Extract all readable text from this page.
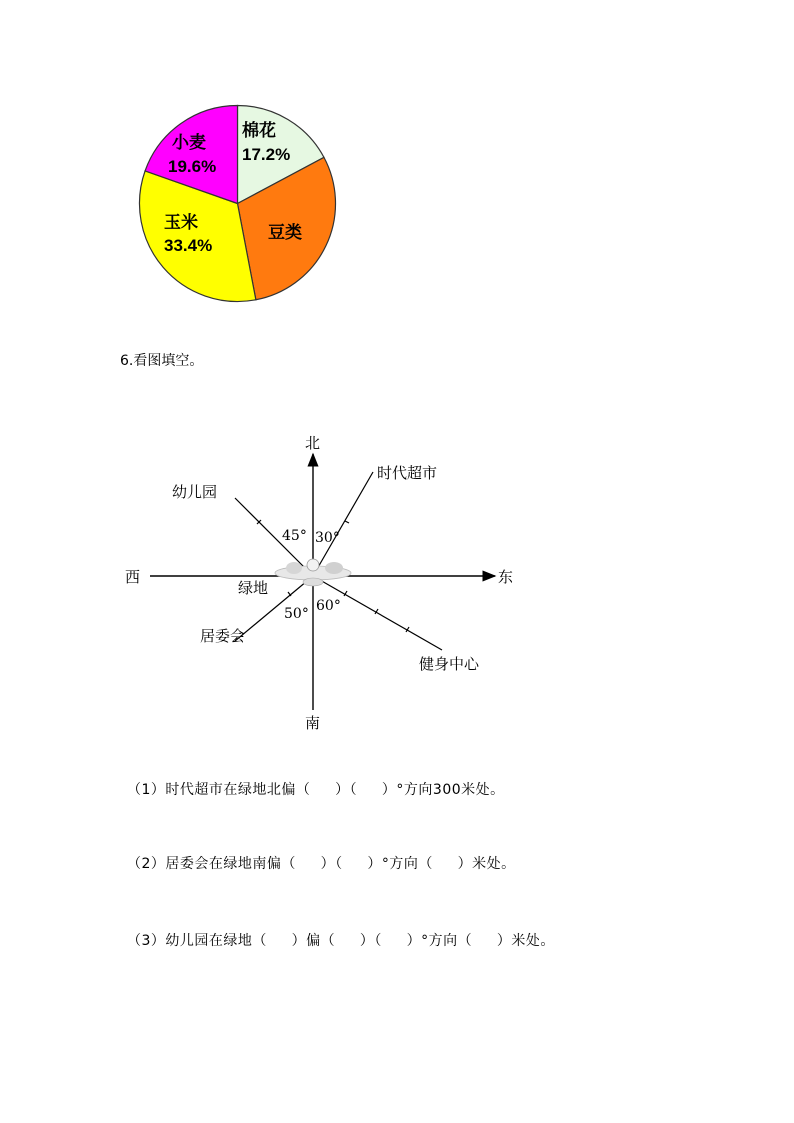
棉花
17.2%
豆类
玉米
33.4%
小麦
19.6%
6.看图填空。
北
南
西	东
绿地
时代超市
幼儿园
居委会
健身中心
45° 30°
50° 60°
（1）时代超市在绿地北偏（     ）（     ）°方向300米处。
（2）居委会在绿地南偏（     ）（     ）°方向（     ）米处。
（3）幼儿园在绿地（     ）偏（     ）（     ）°方向（     ）米处。
